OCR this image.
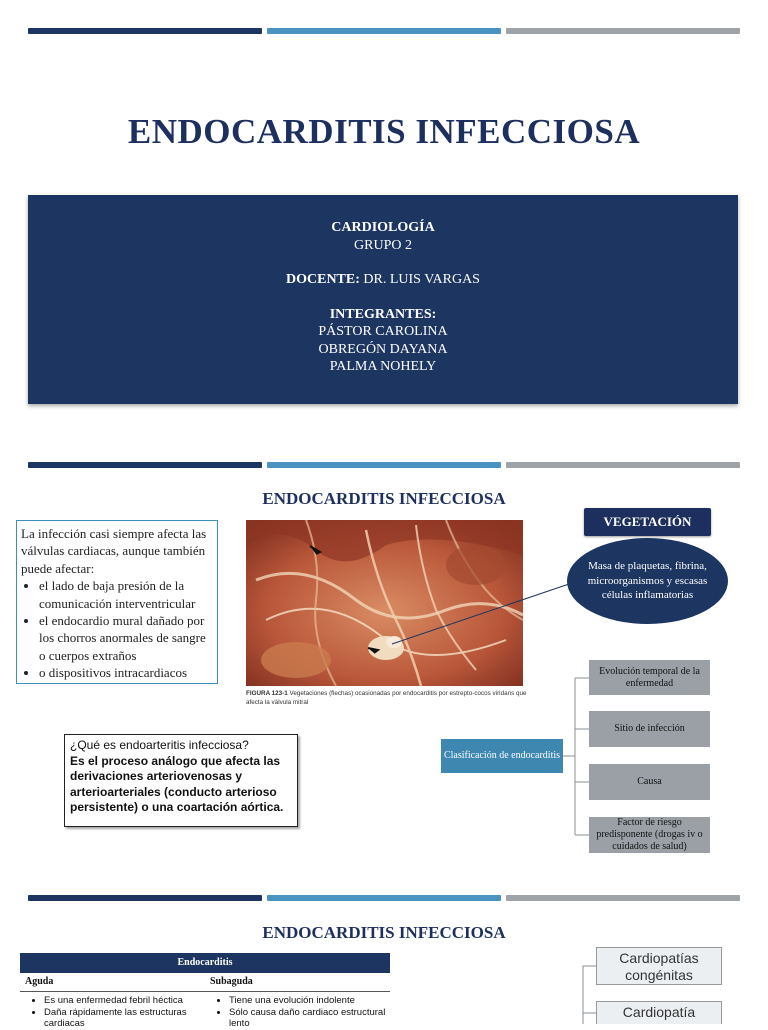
ENDOCARDITIS INFECCIOSA
CARDIOLOGÍA
GRUPO 2
DOCENTE: DR. LUIS VARGAS
INTEGRANTES:
PÁSTOR CAROLINA
OBREGÓN DAYANA
PALMA NOHELY
ENDOCARDITIS INFECCIOSA
La infección casi siempre afecta las válvulas cardiacas, aunque también puede afectar:
• el lado de baja presión de la comunicación interventricular
• el endocardio mural dañado por los chorros anormales de sangre o cuerpos extraños
• o dispositivos intracardiacos
FIGURA 123-1 Vegetaciones (flechas) ocasionadas por endocarditis por estrepto-cocos viridans que afecta la válvula mitral
VEGETACIÓN
Masa de plaquetas, fibrina, microorganismos y escasas células inflamatorias
¿Qué es endoarteritis infecciosa?
Es el proceso análogo que afecta las derivaciones arteriovenosas y arterioarteriales (conducto arterioso persistente) o una coartación aórtica.
Clasificación de endocarditis
Evolución temporal de la enfermedad
Sitio de infección
Causa
Factor de riesgo predisponente (drogas iv o cuidados de salud)
ENDOCARDITIS INFECCIOSA
Endocarditis
Aguda	Subaguda
• Es una enfermedad febril héctica
• Daña rápidamente las estructuras cardiacas
• Tiene una evolución indolente
• Sólo causa daño cardiaco estructural lento
Cardiopatías congénitas
Cardiopatía
